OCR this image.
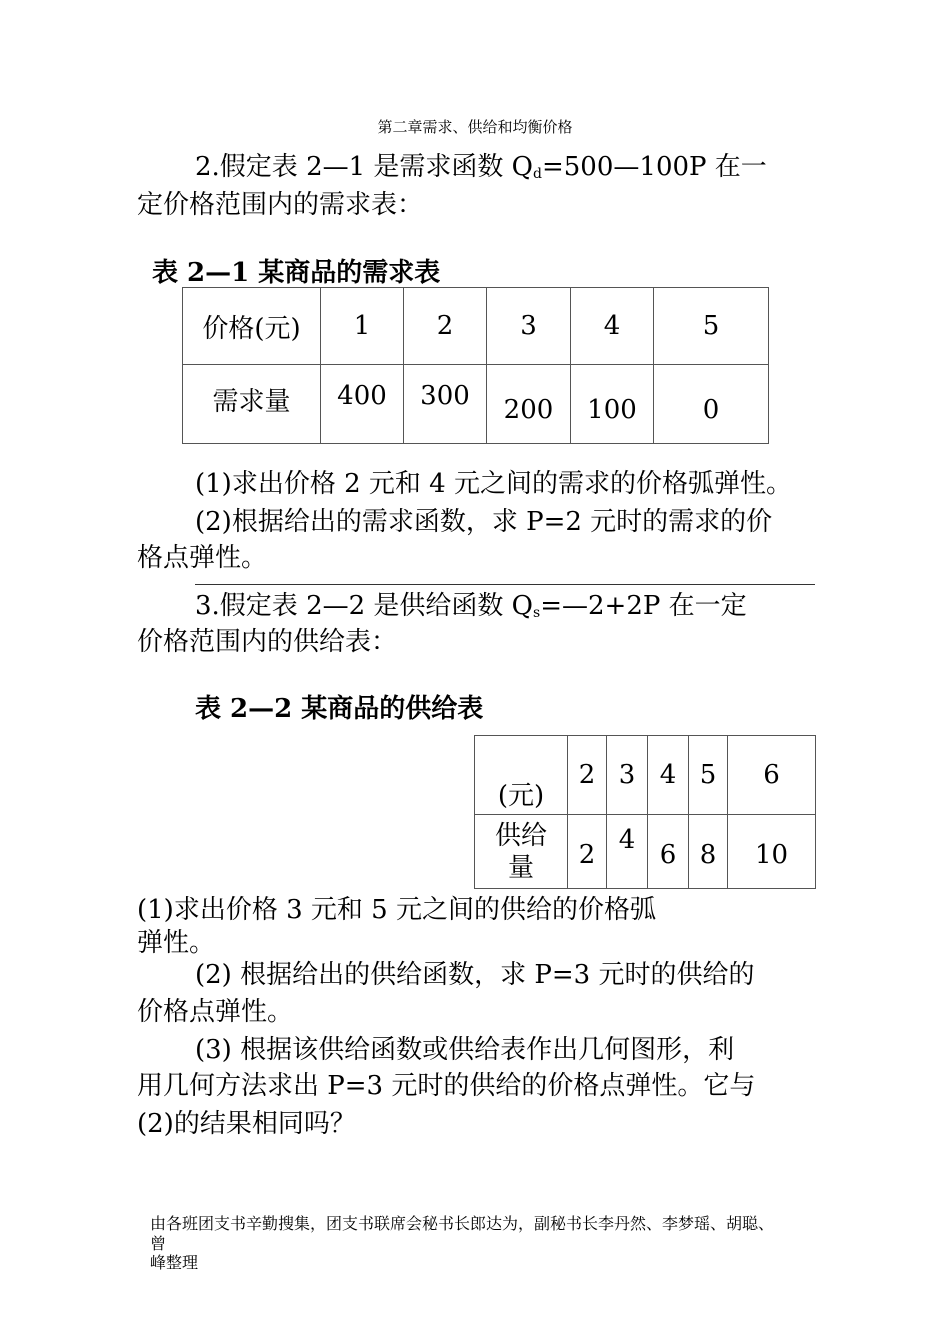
第二章需求、供给和均衡价格
2.假定表 2—1 是需求函数 $Q_d=500—100P$ 在一
定价格范围内的需求表：
表 2—1 某商品的需求表
价格(元)	1	2	3	4	5
需求量	400	300	200	100	0
(1)求出价格 2 元和 4 元之间的需求的价格弧弹性。
(2)根据给出的需求函数，求 P=2 元时的需求的价
格点弹性。
3.假定表 2—2 是供给函数 $Q_s=—2+2P$ 在一定
价格范围内的供给表：
表 2—2 某商品的供给表
(元)	2	3	4	5	6

供给
量	2	4	6	8	10
(1)求出价格 3 元和 5 元之间的供给的价格弧
弹性。
(2) 根据给出的供给函数，求 P=3 元时的供给的
价格点弹性。
(3) 根据该供给函数或供给表作出几何图形，利
用几何方法求出 P=3 元时的供给的价格点弹性。它与
(2)的结果相同吗？
由各班团支书辛勤搜集，团支书联席会秘书长郎达为，副秘书长李丹然、李梦瑶、胡聪、
曾
峰整理
